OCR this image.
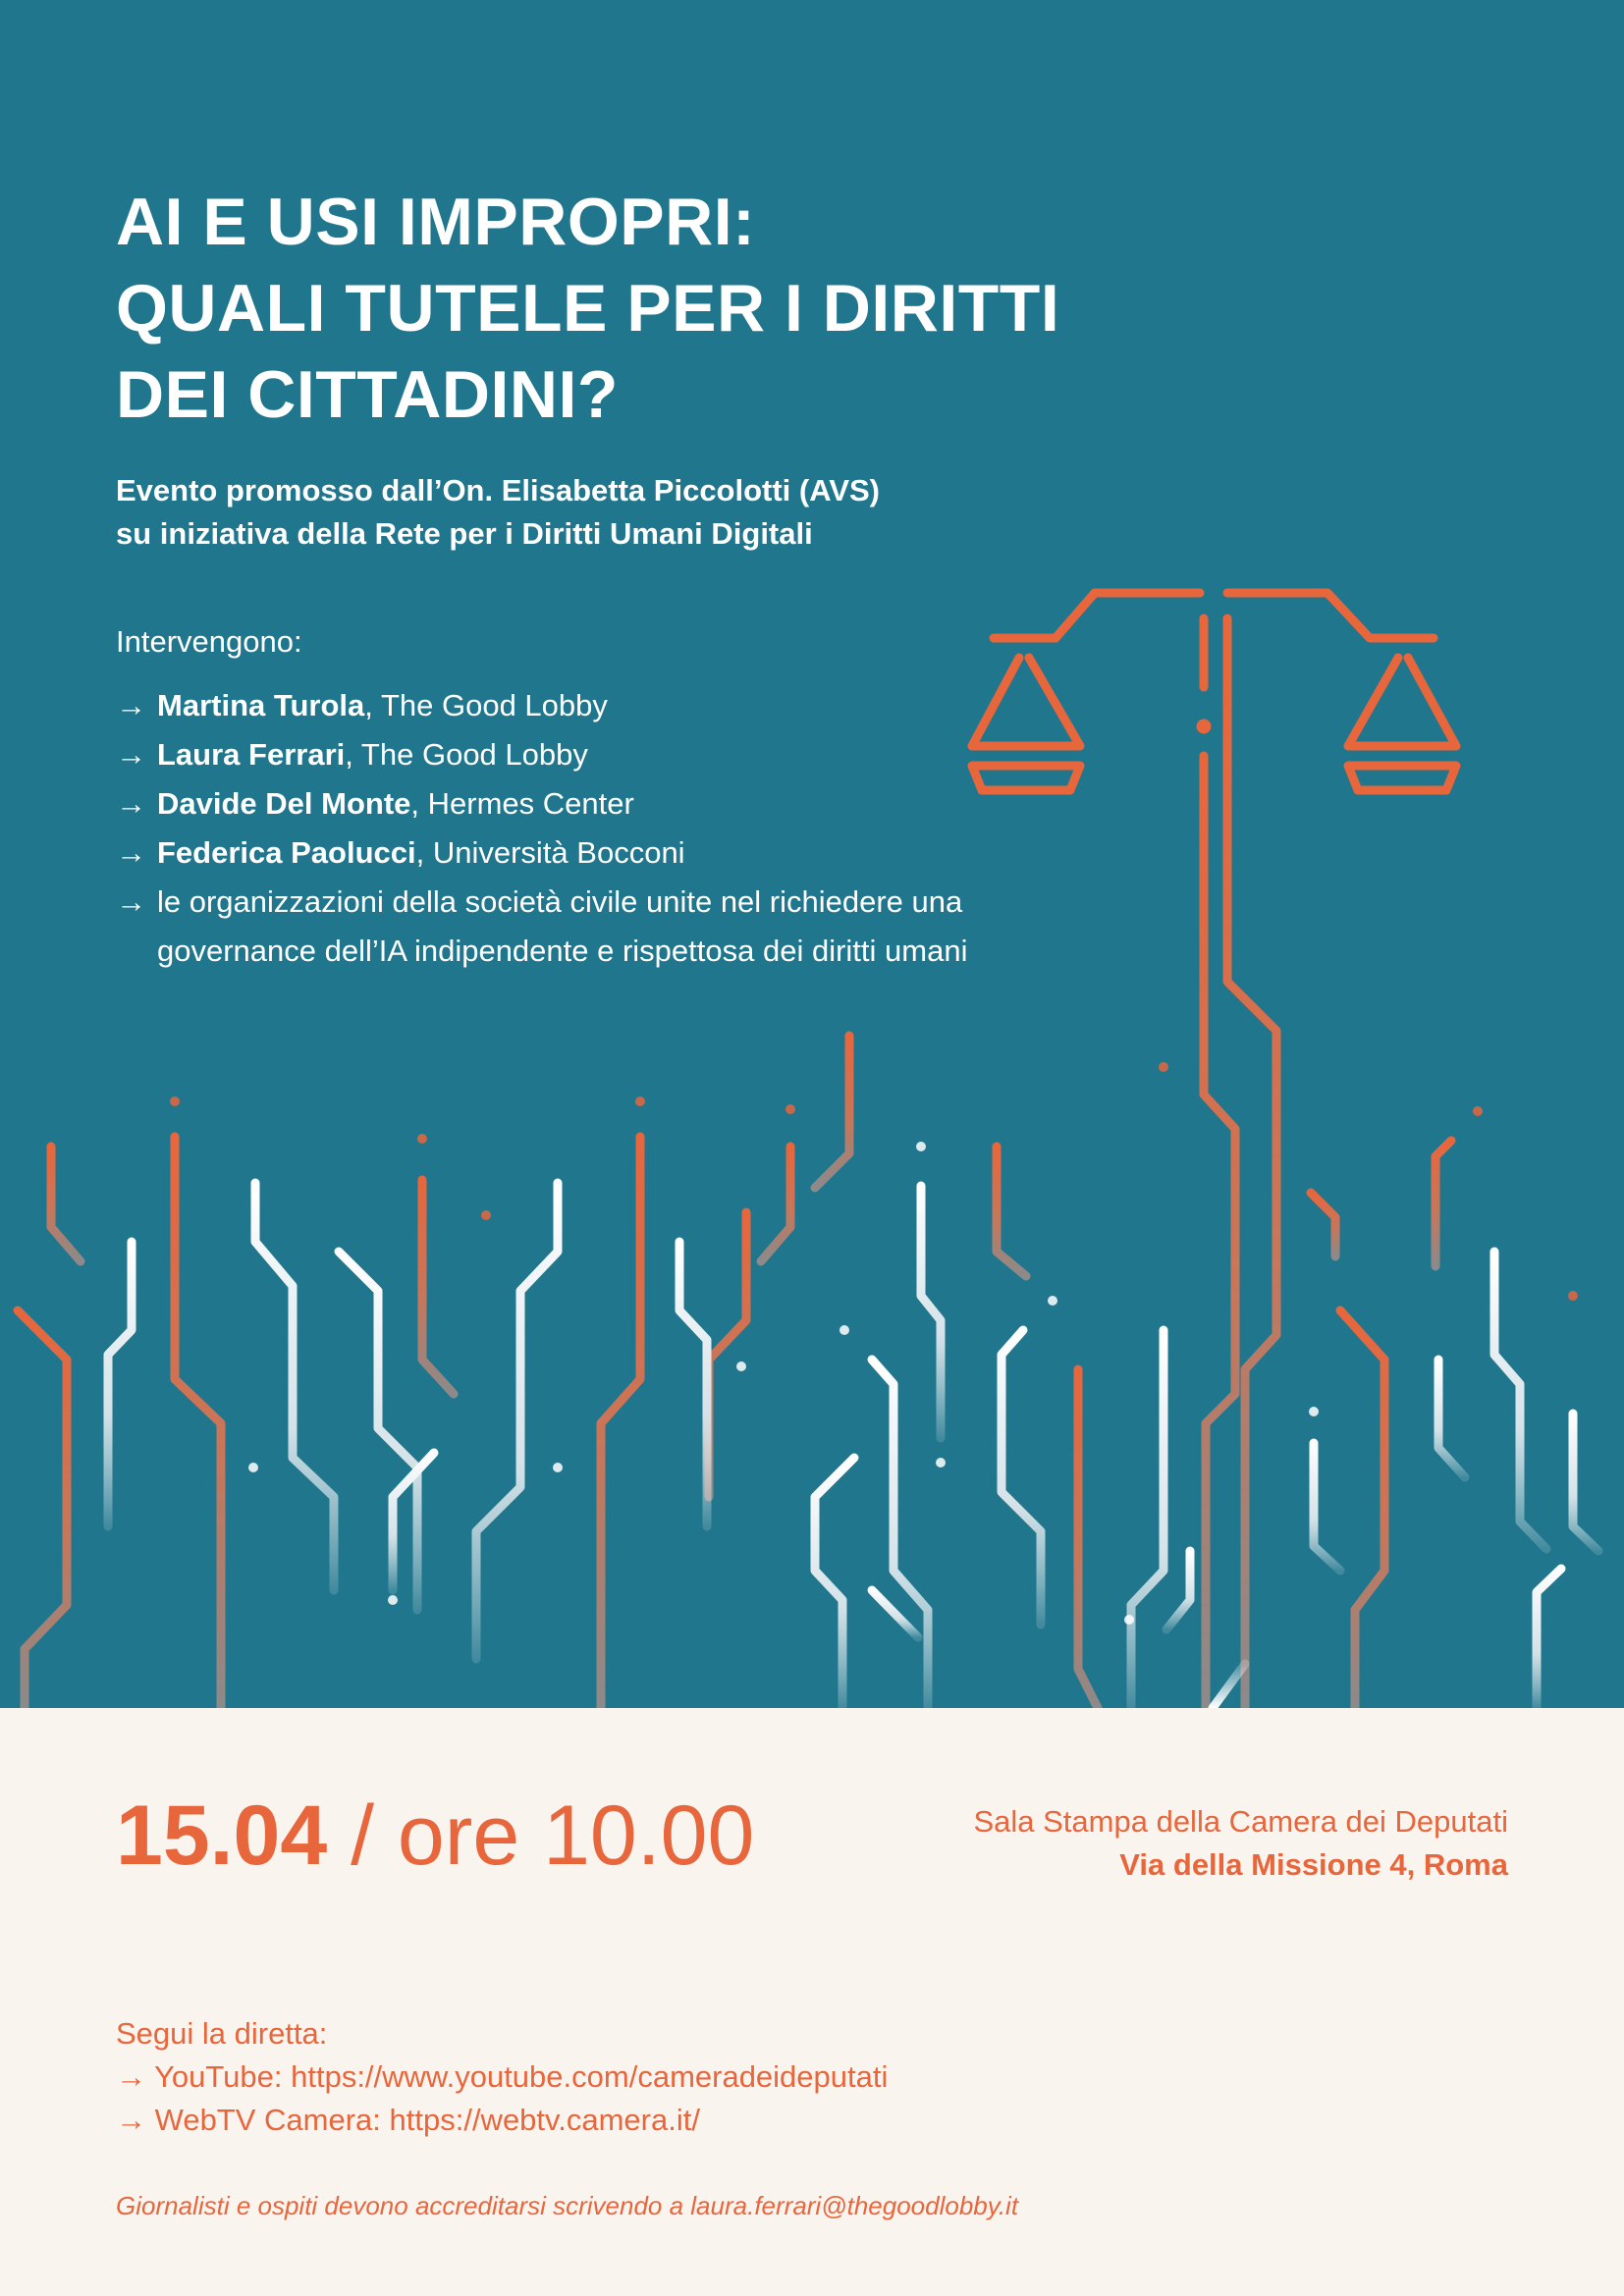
AI E USI IMPROPRI:
QUALI TUTELE PER I DIRITTI
DEI CITTADINI?

Evento promosso dall’On. Elisabetta Piccolotti (AVS)
su iniziativa della Rete per i Diritti Umani Digitali

Intervengono:
→ Martina Turola, The Good Lobby
→ Laura Ferrari, The Good Lobby
→ Davide Del Monte, Hermes Center
→ Federica Paolucci, Università Bocconi
→ le organizzazioni della società civile unite nel richiedere una
governance dell’IA indipendente e rispettosa dei diritti umani
15.04 / ore 10.00	Sala Stampa della Camera dei Deputati
Via della Missione 4, Roma
Segui la diretta:
→ YouTube: https://www.youtube.com/cameradeideputati
→ WebTV Camera: https://webtv.camera.it/
Giornalisti e ospiti devono accreditarsi scrivendo a laura.ferrari@thegoodlobby.it
